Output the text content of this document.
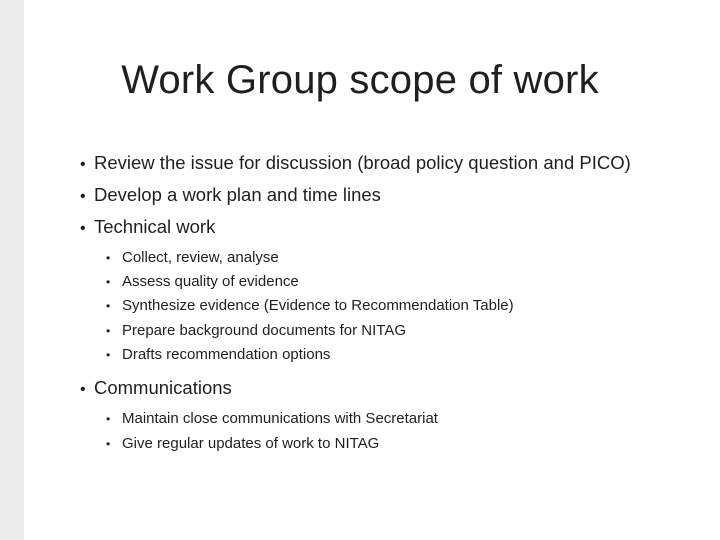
Work Group scope of work
• Review the issue for discussion (broad policy question and PICO)
• Develop a work plan and time lines
• Technical work
• Collect, review, analyse
• Assess quality of evidence
• Synthesize evidence (Evidence to Recommendation Table)
• Prepare background documents for NITAG
• Drafts recommendation options
• Communications
• Maintain close communications with Secretariat
• Give regular updates of work to NITAG
